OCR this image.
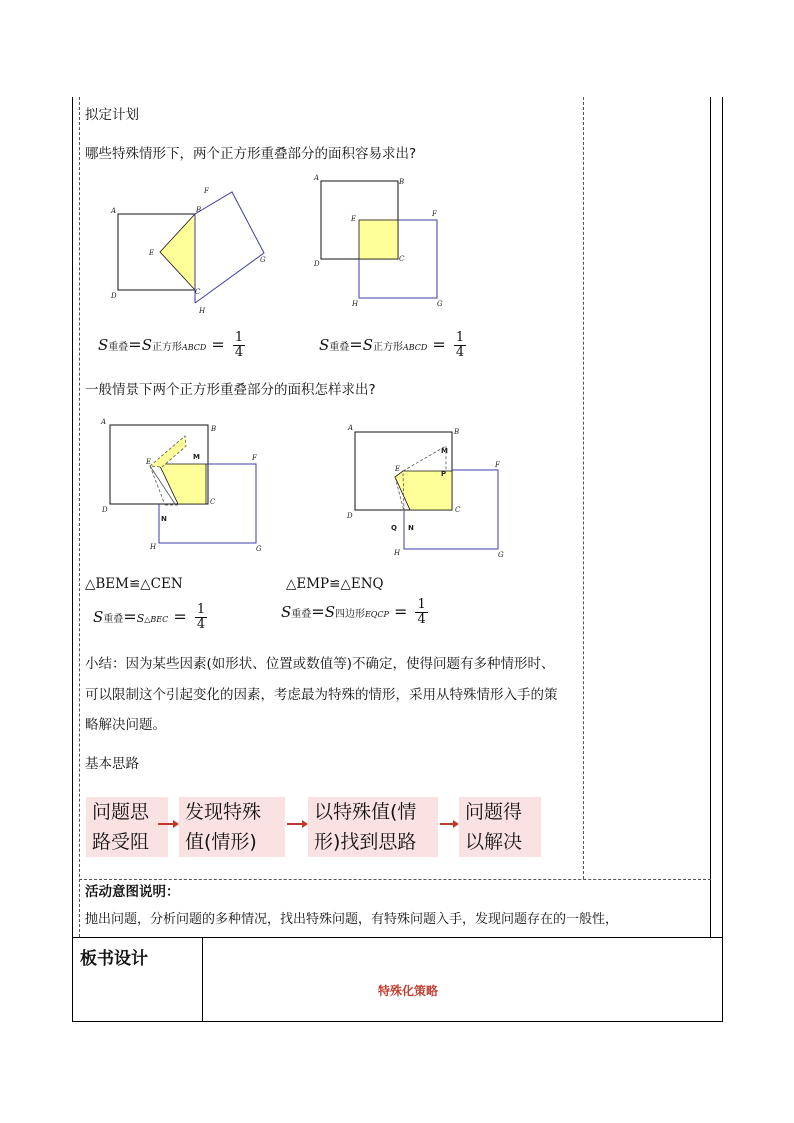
拟定计划
哪些特殊情形下，两个正方形重叠部分的面积容易求出?
A	B
C
D
E
F
G
H
A	B
C
D
E
F
G
H
S重叠=S正方形ABCD = $\frac{1}{4}$	S重叠=S正方形ABCD = $\frac{1}{4}$
一般情景下两个正方形重叠部分的面积怎样求出?
A
B
C
D
E	F
G
H
M
N
A	B
C
D
E	F
G
H
M
P
Q N
△BEM≌△CEN	△EMP≌△ENQ
S重叠=S△BEC = $\frac{1}{4}$	S重叠=S四边形EQCP = $\frac{1}{4}$
小结：因为某些因素(如形状、位置或数值等)不确定，使得问题有多种情形时、
可以限制这个引起变化的因素，考虑最为特殊的情形，采用从特殊情形入手的策
略解决问题。
基本思路
问题思
路受阻
发现特殊
值(情形)
以特殊值(情
形)找到思路
问题得
以解决
活动意图说明：
抛出问题，分析问题的多种情况，找出特殊问题，有特殊问题入手，发现问题存在的一般性，
板书设计
特殊化策略
